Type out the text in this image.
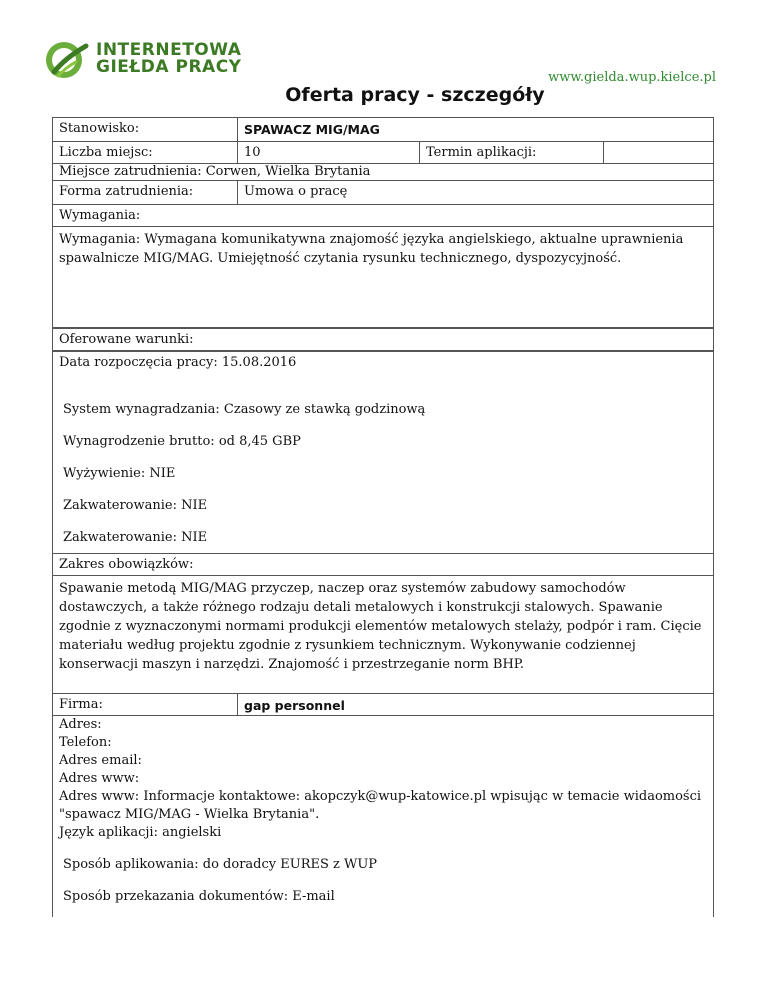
INTERNETOWA
GIEŁDA PRACY
www.gielda.wup.kielce.pl
Oferta pracy - szczegóły
Stanowisko:	SPAWACZ MIG/MAG
Liczba miejsc:	10	Termin aplikacji:
Miejsce zatrudnienia: Corwen, Wielka Brytania
Forma zatrudnienia:	Umowa o pracę
Wymagania:
Wymagania: Wymagana komunikatywna znajomość języka angielskiego, aktualne uprawnienia spawalnicze MIG/MAG. Umiejętność czytania rysunku technicznego, dyspozycyjność.
Oferowane warunki:
Data rozpoczęcia pracy: 15.08.2016
System wynagradzania: Czasowy ze stawką godzinową
Wynagrodzenie brutto: od 8,45 GBP
Wyżywienie: NIE
Zakwaterowanie: NIE
Zakwaterowanie: NIE
Zakres obowiązków:
Spawanie metodą MIG/MAG przyczep, naczep oraz systemów zabudowy samochodów dostawczych, a także różnego rodzaju detali metalowych i konstrukcji stalowych. Spawanie zgodnie z wyznaczonymi normami produkcji elementów metalowych stelaży, podpór i ram. Cięcie materiału według projektu zgodnie z rysunkiem technicznym. Wykonywanie codziennej konserwacji maszyn i narzędzi. Znajomość i przestrzeganie norm BHP.
Firma:	gap personnel
Adres:
Telefon:
Adres email:
Adres www:
Adres www: Informacje kontaktowe: akopczyk@wup-katowice.pl wpisując w temacie widaomości "spawacz MIG/MAG - Wielka Brytania".
Język aplikacji: angielski
Sposób aplikowania: do doradcy EURES z WUP
Sposób przekazania dokumentów: E-mail
